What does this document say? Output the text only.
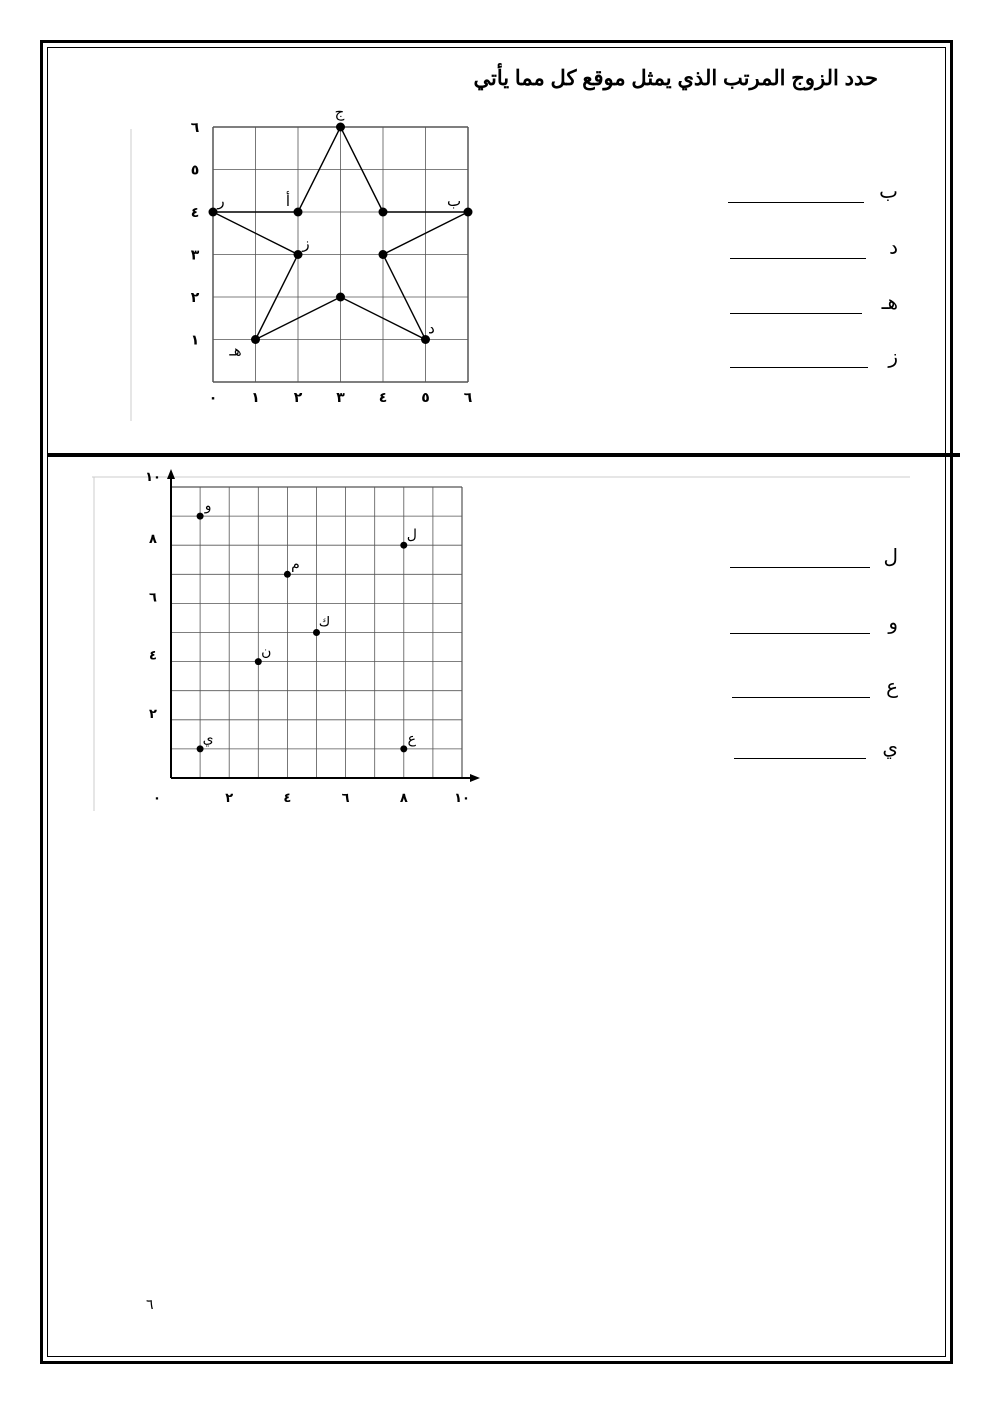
حدد الزوج المرتب الذي يمثل موقع كل مما يأتي
ج
أ	ب
ر
ز
هـ
د
٠ ١ ٢ ٣ ٤ ٥ ٦
١
٢
٣
٤
٥
٦
و
ل
م
ك
ن
ي	ع
٠	٢	٤	٦	٨	١٠
٢
٤
٦
٨
١٠
ب
د
هـ
ز
ل
و
ع
ي
٦
